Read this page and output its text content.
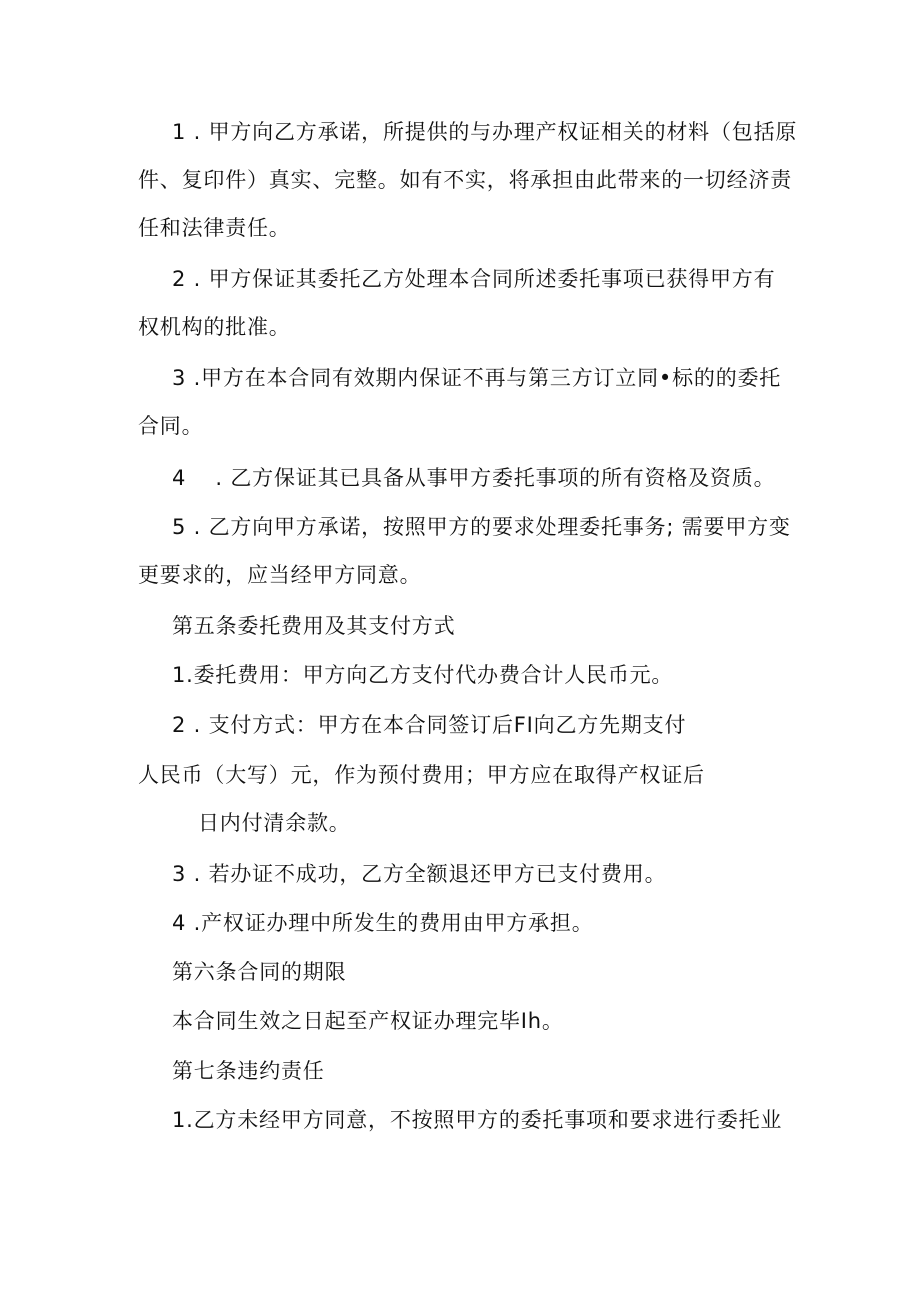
1 . 甲方向乙方承诺，所提供的与办理产权证相关的材料（包括原

件、复印件）真实、完整。如有不实，将承担由此带来的一切经济责

任和法律责任。

2 . 甲方保证其委托乙方处理本合同所述委托事项已获得甲方有

权机构的批准。

3 .甲方在本合同有效期内保证不再与第三方订立同•标的的委托

合同。

4　 . 乙方保证其已具备从事甲方委托事项的所有资格及资质。

5 . 乙方向甲方承诺，按照甲方的要求处理委托事务; 需要甲方变

更要求的，应当经甲方同意。

第五条委托费用及其支付方式

1.委托费用：甲方向乙方支付代办费合计人民币元。

2 . 支付方式：甲方在本合同签订后FI向乙方先期支付

人民币（大写）元，作为预付费用；甲方应在取得产权证后

日内付清余款。

3 . 若办证不成功，乙方全额退还甲方已支付费用。

4 .产权证办理中所发生的费用由甲方承担。

第六条合同的期限

本合同生效之日起至产权证办理完毕Ih。

第七条违约责任

1.乙方未经甲方同意，不按照甲方的委托事项和要求进行委托业
